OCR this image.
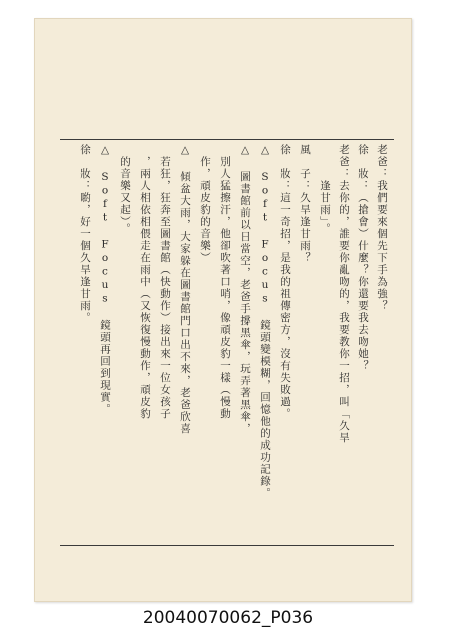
老爸：我們要來個先下手為強？
徐　妝：（搶會）什麼？你還要我去吻她？
老爸：去你的，誰要你亂吻的，我要教你一招，叫「久旱
　　　逢甘雨」。
風　子：久旱逢甘雨？
徐　妝：這一奇招，是我的祖傳密方，沒有失敗過。
△ Soft Focus 鏡頭變模糊，回憶他的成功記錄。
△ 圖書館前以日當空，老爸手撐黑傘，玩弄著黑傘，
　別人猛擦汗，他卻吹著口哨，像頑皮豹一樣（慢動
　作，頑皮豹的音樂）
△ 傾盆大雨，大家躲在圖書館門口出不來，老爸欣喜
　若狂，狂奔至圖書館（快動作）接出來一位女孩子
　，兩人相依相偎走在雨中（又恢復慢動作，頑皮豹
　的音樂又起）。
△ Soft Focus 鏡頭再回到現實。
徐　妝：喲，好一個久旱逢甘雨。
20040070062_P036
